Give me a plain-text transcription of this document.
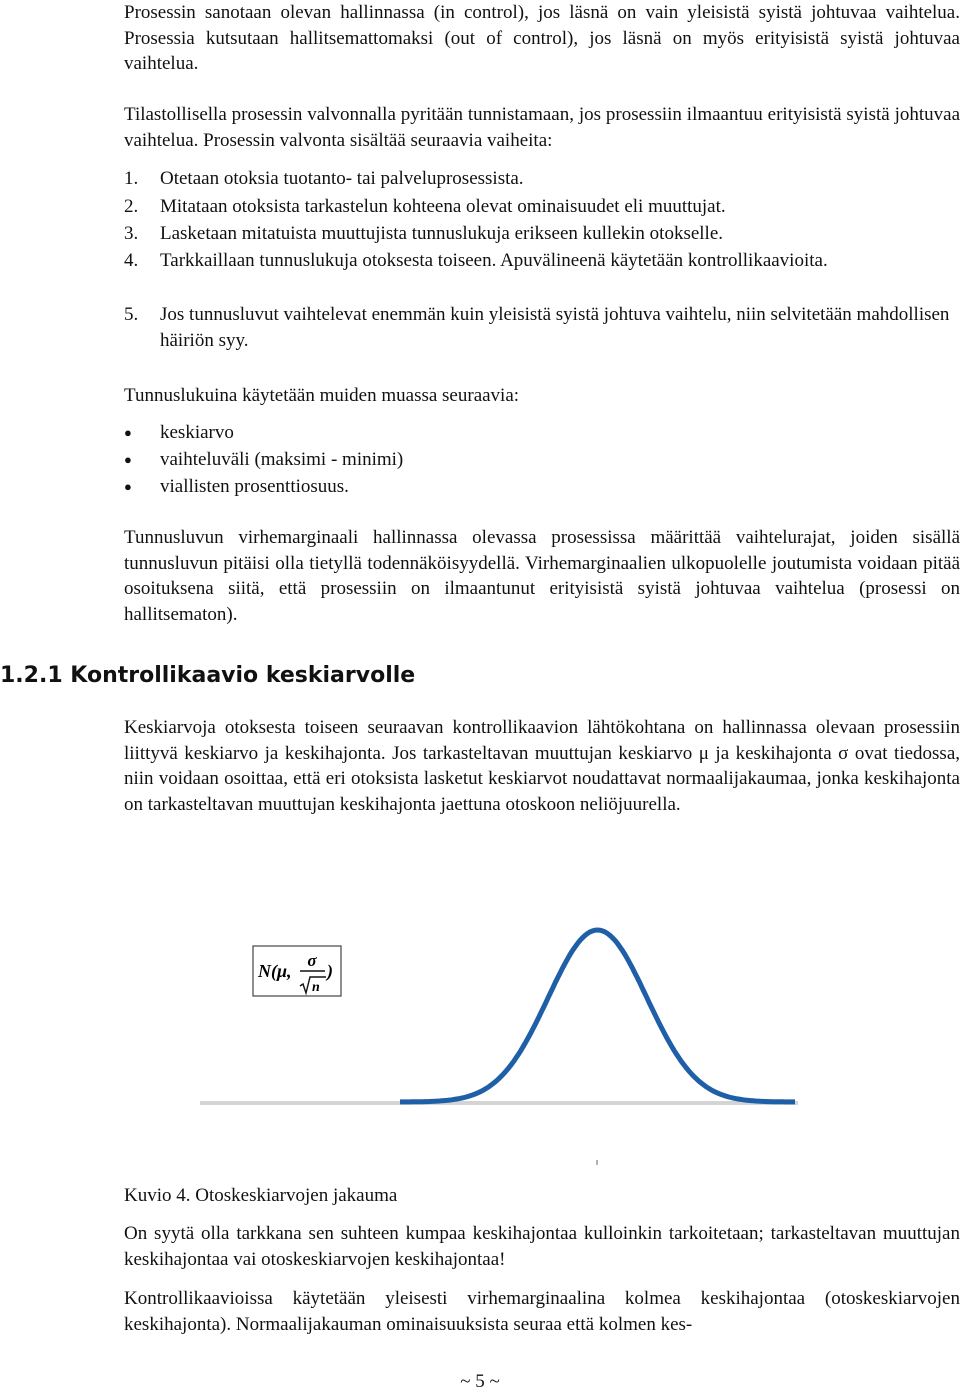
Prosessin sanotaan olevan hallinnassa (in control), jos läsnä on vain yleisistä syistä johtuvaa vaihtelua. Prosessia kutsutaan hallitsemattomaksi (out of control), jos läsnä on myös erityisistä syistä johtuvaa vaihtelua.

Tilastollisella prosessin valvonnalla pyritään tunnistamaan, jos prosessiin ilmaantuu erityisistä syistä johtuvaa vaihtelua. Prosessin valvonta sisältää seuraavia vaiheita:

1. Otetaan otoksia tuotanto- tai palveluprosessista.
2. Mitataan otoksista tarkastelun kohteena olevat ominaisuudet eli muuttujat.
3. Lasketaan mitatuista muuttujista tunnuslukuja erikseen kullekin otokselle.
4. Tarkkaillaan tunnuslukuja otoksesta toiseen. Apuvälineenä käytetään kontrollikaavioita.
5. Jos tunnusluvut vaihtelevat enemmän kuin yleisistä syistä johtuva vaihtelu, niin selvitetään mahdollisen häiriön syy.

Tunnuslukuina käytetään muiden muassa seuraavia:

● keskiarvo
● vaihteluväli (maksimi - minimi)
● viallisten prosenttiosuus.

Tunnusluvun virhemarginaali hallinnassa olevassa prosessissa määrittää vaihtelurajat, joiden sisällä tunnusluvun pitäisi olla tietyllä todennäköisyydellä. Virhemarginaalien ulkopuolelle joutumista voidaan pitää osoituksena siitä, että prosessiin on ilmaantunut erityisistä syistä johtuvaa vaihtelua (prosessi on hallitsematon).

1.2.1 Kontrollikaavio keskiarvolle

Keskiarvoja otoksesta toiseen seuraavan kontrollikaavion lähtökohtana on hallinnassa olevaan prosessiin liittyvä keskiarvo ja keskihajonta. Jos tarkasteltavan muuttujan keskiarvo μ ja keskihajonta σ ovat tiedossa, niin voidaan osoittaa, että eri otoksista lasketut keskiarvot noudattavat normaalijakaumaa, jonka keskihajonta on tarkasteltavan muuttujan keskihajonta jaettuna otoskoon neliöjuurella.

N(μ,
σ
n
)

Kuvio 4. Otoskeskiarvojen jakauma

On syytä olla tarkkana sen suhteen kumpaa keskihajontaa kulloinkin tarkoitetaan; tarkasteltavan muuttujan keskihajontaa vai otoskeskiarvojen keskihajontaa!

Kontrollikaavioissa käytetään yleisesti virhemarginaalina kolmea keskihajontaa (otoskeskiarvojen keskihajonta). Normaalijakauman ominaisuuksista seuraa että kolmen kes-

~ 5 ~
